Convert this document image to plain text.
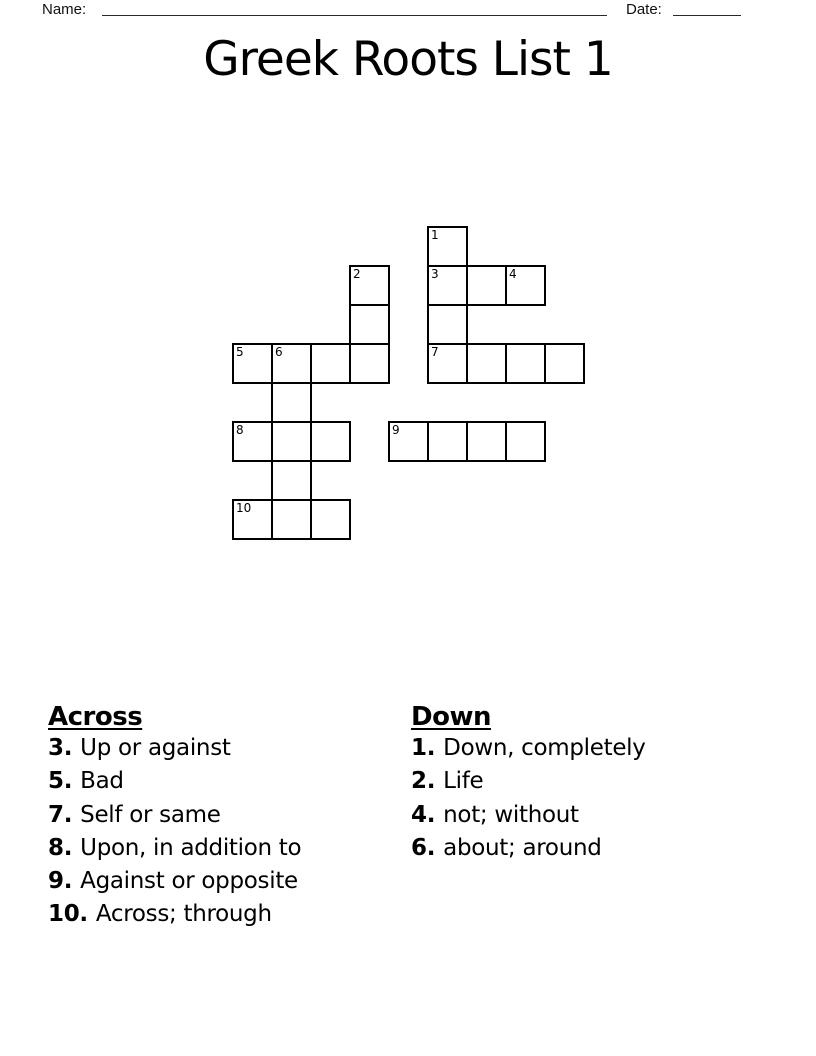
Name:	Date:
Greek Roots List 1
1
2	3	4
5	6	7
8	9
10
Across
3. Up or against
5. Bad
7. Self or same
8. Upon, in addition to
9. Against or opposite
10. Across; through
Down
1. Down, completely
2. Life
4. not; without
6. about; around
